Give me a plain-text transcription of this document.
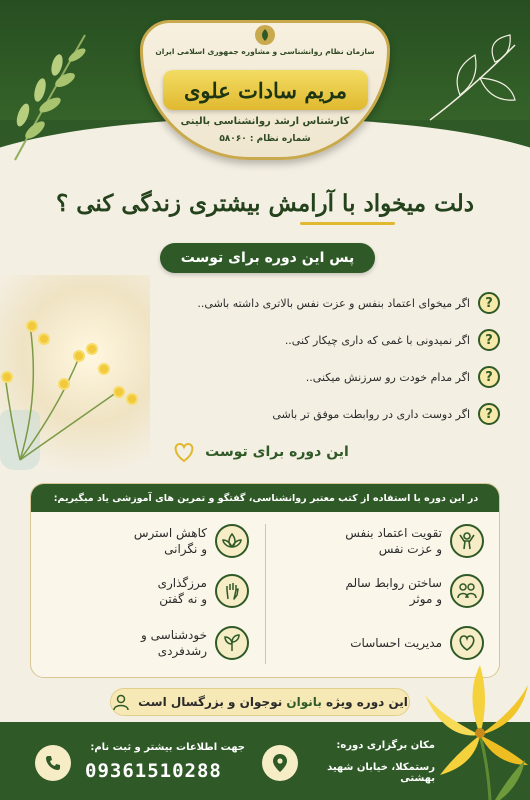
سازمان نظام روانشناسی و مشاوره جمهوری اسلامی ایران
مریم سادات علوی
کارشناس ارشد روانشناسی بالینی
شماره نظام : ۵۸۰۶۰
دلت میخواد با آرامش بیشتری زندگی کنی ؟
پس این دوره برای توست
?
اگر میخوای اعتماد بنفس و عزت نفس بالاتری داشته باشی..
?
اگر نمیدونی با غمی که داری چیکار کنی..
?
اگر مدام خودت رو سرزنش میکنی..
?
اگر دوست داری در روابطت موفق تر باشی
این دوره برای توست
در این دوره با استفاده از کتب معتبر روانشناسی، گفتگو و تمرین های آموزشی یاد میگیریم:
تقویت اعتماد بنفس
و عزت نفس
کاهش استرس
و نگرانی
ساختن روابط سالم
و موثر
مرزگذاری
و نه گفتن
مدیریت احساسات
خودشناسی و
رشدفردی
این دوره ویژه بانوان نوجوان و بزرگسال است
جهت اطلاعات بیشتر و ثبت نام:
09361510288
مکان برگزاری دوره:
رستمکلا، خیابان شهید بهشتی
